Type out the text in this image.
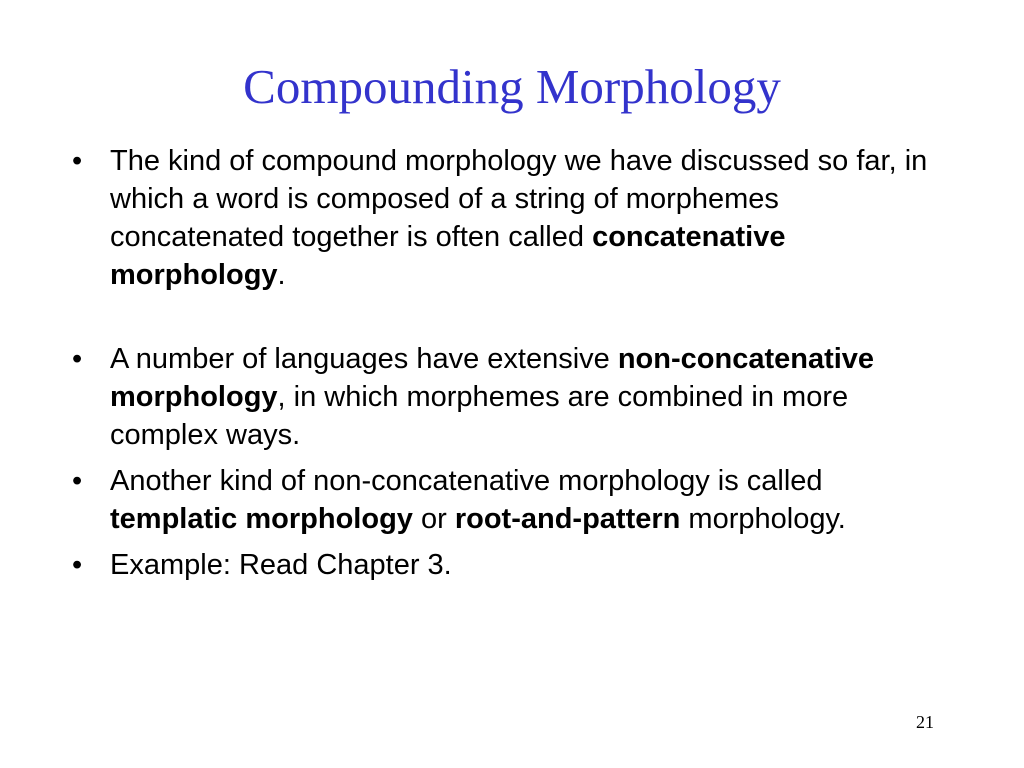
Compounding Morphology
• The kind of compound morphology we have discussed so far, in which a word is composed of a string of morphemes concatenated together is often called concatenative morphology.
• A number of languages have extensive non-concatenative morphology, in which morphemes are combined in more complex ways.
• Another kind of non-concatenative morphology is called templatic morphology or root-and-pattern morphology.
• Example: Read Chapter 3.
21
